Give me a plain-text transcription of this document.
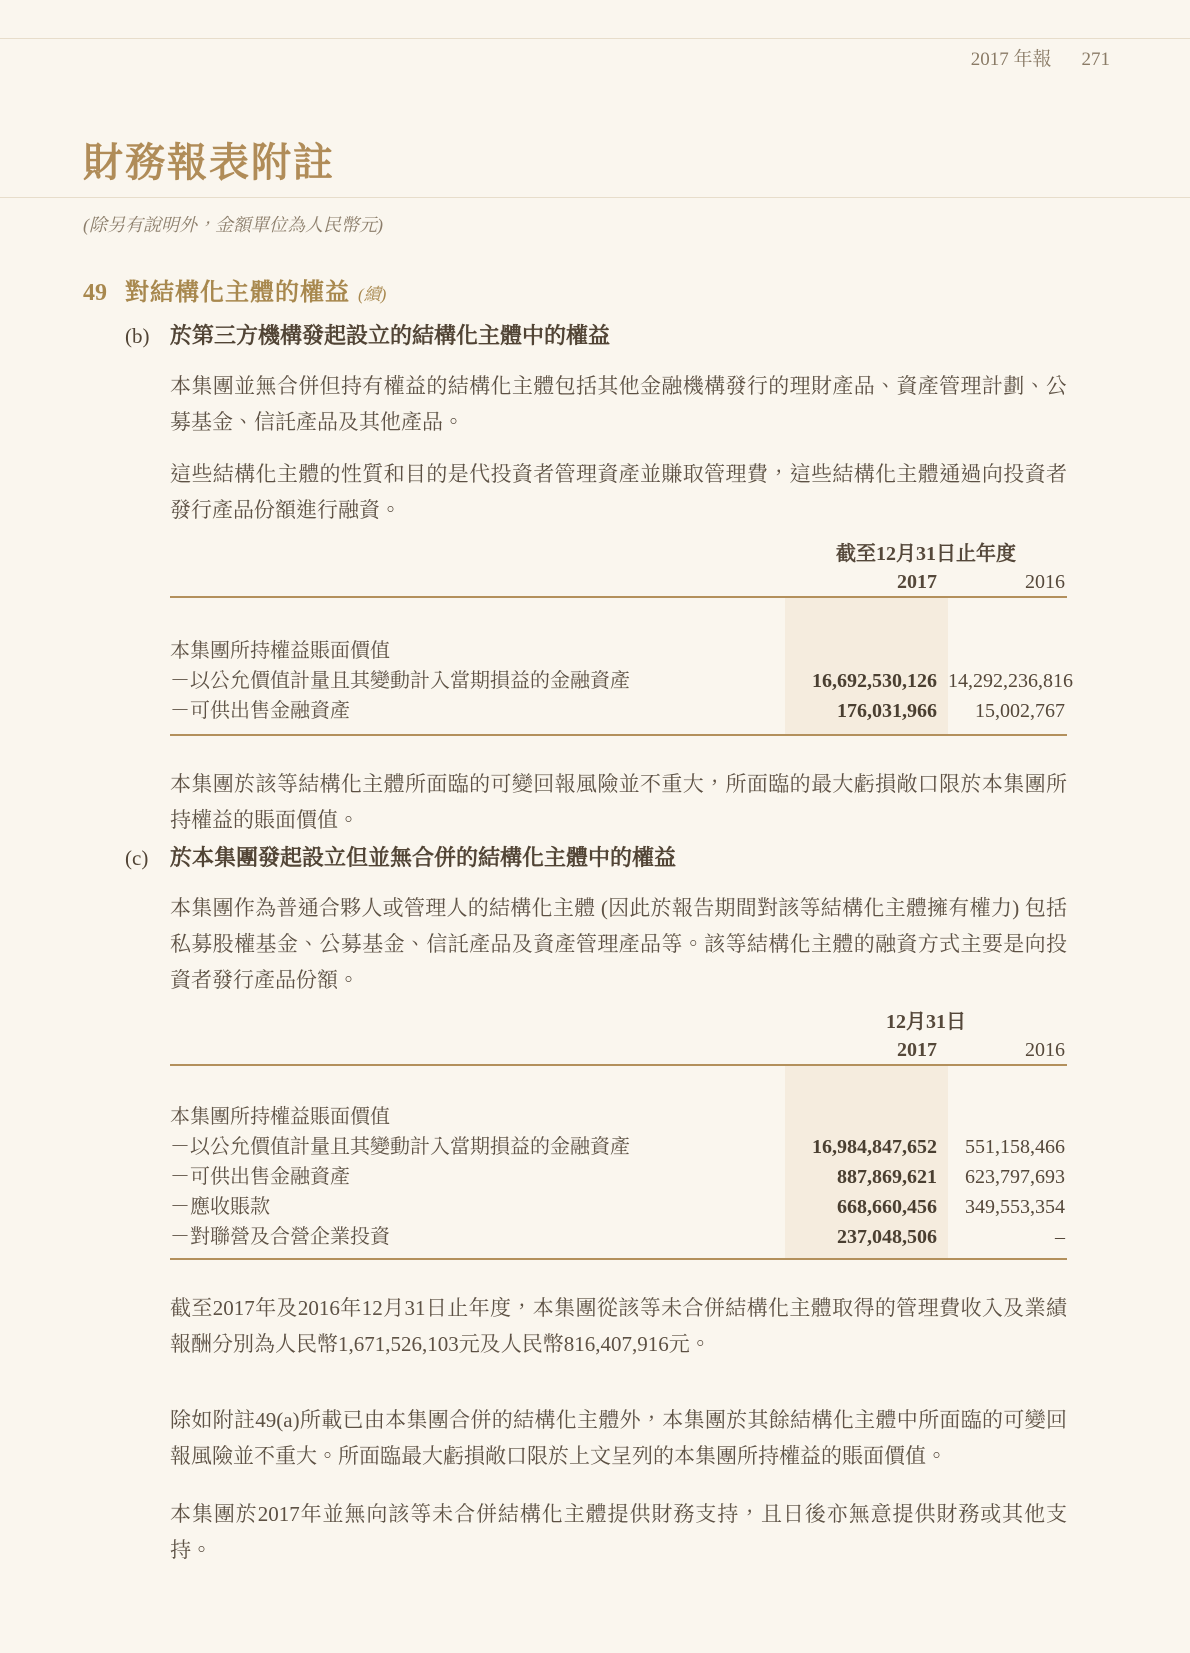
2017 年報 271
財務報表附註
(除另有說明外，金額單位為人民幣元)
49 對結構化主體的權益 (續)
(b) 於第三方機構發起設立的結構化主體中的權益

本集團並無合併但持有權益的結構化主體包括其他金融機構發行的理財產品、資產管理計劃、公募基金、信託產品及其他產品。

這些結構化主體的性質和目的是代投資者管理資產並賺取管理費，這些結構化主體通過向投資者發行產品份額進行融資。

截至12月31日止年度
2017	2016
本集團所持權益賬面價值
－以公允價值計量且其變動計入當期損益的金融資產	16,692,530,126 14,292,236,816
－可供出售金融資產	176,031,966	15,002,767

本集團於該等結構化主體所面臨的可變回報風險並不重大，所面臨的最大虧損敞口限於本集團所持權益的賬面價值。

(c) 於本集團發起設立但並無合併的結構化主體中的權益

本集團作為普通合夥人或管理人的結構化主體 (因此於報告期間對該等結構化主體擁有權力) 包括私募股權基金、公募基金、信託產品及資產管理產品等。該等結構化主體的融資方式主要是向投資者發行產品份額。

12月31日
2017	2016
本集團所持權益賬面價值
－以公允價值計量且其變動計入當期損益的金融資產	16,984,847,652	551,158,466
－可供出售金融資產	887,869,621	623,797,693
－應收賬款	668,660,456	349,553,354
－對聯營及合營企業投資	237,048,506	–

截至2017年及2016年12月31日止年度，本集團從該等未合併結構化主體取得的管理費收入及業績報酬分別為人民幣1,671,526,103元及人民幣816,407,916元。

除如附註49(a)所載已由本集團合併的結構化主體外，本集團於其餘結構化主體中所面臨的可變回報風險並不重大。所面臨最大虧損敞口限於上文呈列的本集團所持權益的賬面價值。

本集團於2017年並無向該等未合併結構化主體提供財務支持，且日後亦無意提供財務或其他支持。
